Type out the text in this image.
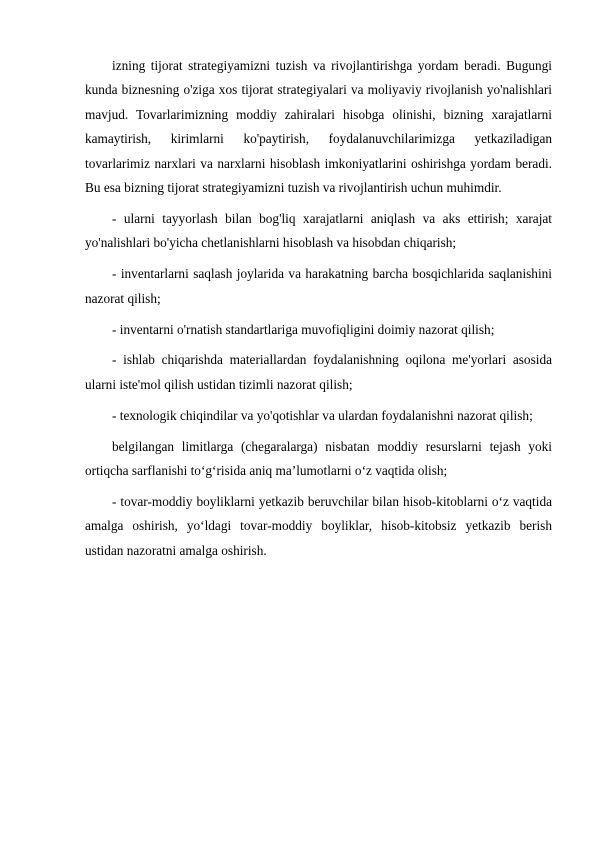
izning tijorat strategiyamizni tuzish va rivojlantirishga yordam beradi. Bugungi kunda biznesning o'ziga xos tijorat strategiyalari va moliyaviy rivojlanish yo'nalishlari mavjud. Tovarlarimizning moddiy zahiralari hisobga olinishi, bizning xarajatlarni kamaytirish, kirimlarni ko'paytirish, foydalanuvchilarimizga yetkaziladigan tovarlarimiz narxlari va narxlarni hisoblash imkoniyatlarini oshirishga yordam beradi. Bu esa bizning tijorat strategiyamizni tuzish va rivojlantirish uchun muhimdir.

- ularni tayyorlash bilan bog'liq xarajatlarni aniqlash va aks ettirish; xarajat yo'nalishlari bo'yicha chetlanishlarni hisoblash va hisobdan chiqarish;

- inventarlarni saqlash joylarida va harakatning barcha bosqichlarida saqlanishini nazorat qilish;

- inventarni o'rnatish standartlariga muvofiqligini doimiy nazorat qilish;

- ishlab chiqarishda materiallardan foydalanishning oqilona me'yorlari asosida ularni iste'mol qilish ustidan tizimli nazorat qilish;

- texnologik chiqindilar va yo'qotishlar va ulardan foydalanishni nazorat qilish;

belgilangan limitlarga (chegaralarga) nisbatan moddiy resurslarni tejash yoki ortiqcha sarflanishi to‘g‘risida aniq ma’lumotlarni o‘z vaqtida olish;

- tovar-moddiy boyliklarni yetkazib beruvchilar bilan hisob-kitoblarni o‘z vaqtida amalga oshirish, yo‘ldagi tovar-moddiy boyliklar, hisob-kitobsiz yetkazib berish ustidan nazoratni amalga oshirish.
